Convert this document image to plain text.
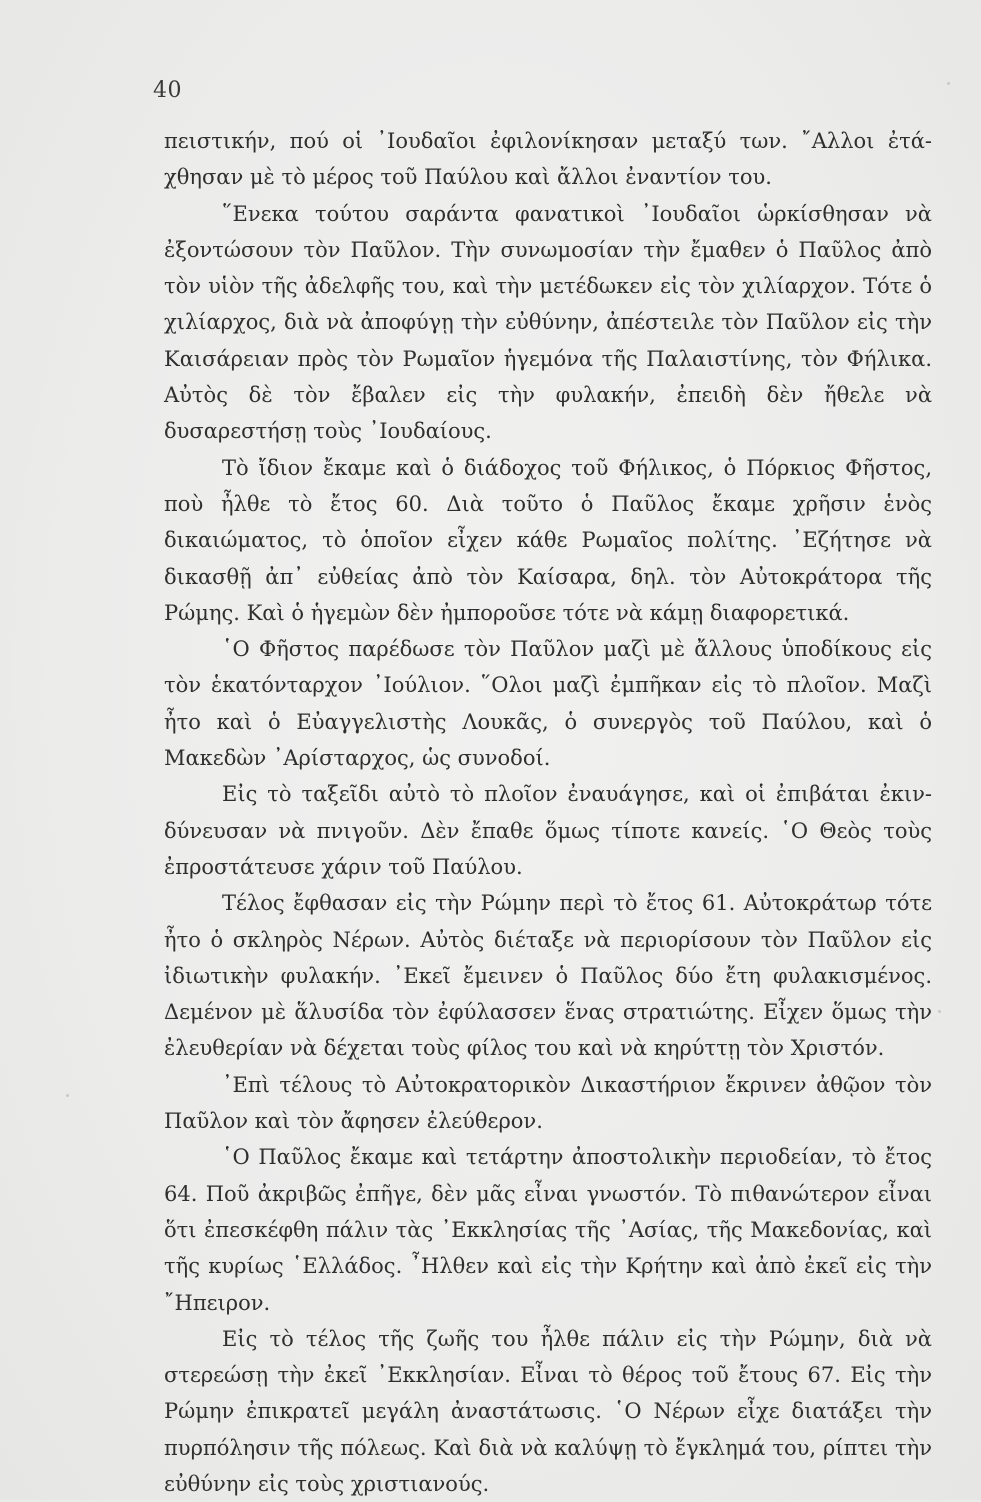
40

πειστικήν, πού οἱ ᾿Ιουδαῖοι ἐφιλονίκησαν μεταξύ των. ῎Αλλοι ἐτάχθησαν μὲ τὸ μέρος τοῦ Παύλου καὶ ἄλλοι ἐναντίον του.

῞Ενεκα τούτου σαράντα φανατικοὶ ᾿Ιουδαῖοι ὡρκίσθησαν νὰ ἐξοντώσουν τὸν Παῦλον. Τὴν συνωμοσίαν τὴν ἔμαθεν ὁ Παῦλος ἀπὸ τὸν υἱὸν τῆς ἀδελφῆς του, καὶ τὴν μετέδωκεν εἰς τὸν χιλίαρχον. Τότε ὁ χιλίαρχος, διὰ νὰ ἀποφύγῃ τὴν εὐθύνην, ἀπέστειλε τὸν Παῦλον εἰς τὴν Καισάρειαν πρὸς τὸν Ρωμαῖον ἡγεμόνα τῆς Παλαιστίνης, τὸν Φήλικα. Αὐτὸς δὲ τὸν ἔβαλεν εἰς τὴν φυλακήν, ἐπειδὴ δὲν ἤθελε νὰ δυσαρεστήσῃ τοὺς ᾿Ιουδαίους.

Τὸ ἴδιον ἔκαμε καὶ ὁ διάδοχος τοῦ Φήλικος, ὁ Πόρκιος Φῆστος, ποὺ ἦλθε τὸ ἔτος 60. Διὰ τοῦτο ὁ Παῦλος ἔκαμε χρῆσιν ἑνὸς δικαιώματος, τὸ ὁποῖον εἶχεν κάθε Ρωμαῖος πολίτης. ᾿Εζήτησε νὰ δικασθῇ ἀπ᾿ εὐθείας ἀπὸ τὸν Καίσαρα, δηλ. τὸν Αὐτοκράτορα τῆς Ρώμης. Καὶ ὁ ἡγεμὼν δὲν ἠμποροῦσε τότε νὰ κάμῃ διαφορετικά.

῾Ο Φῆστος παρέδωσε τὸν Παῦλον μαζὶ μὲ ἄλλους ὑποδίκους εἰς τὸν ἑκατόνταρχον ᾿Ιούλιον. ῞Ολοι μαζὶ ἐμπῆκαν εἰς τὸ πλοῖον. Μαζὶ ἦτο καὶ ὁ Εὐαγγελιστὴς Λουκᾶς, ὁ συνεργὸς τοῦ Παύλου, καὶ ὁ Μακεδὼν ᾿Αρίσταρχος, ὡς συνοδοί.

Εἰς τὸ ταξεῖδι αὐτὸ τὸ πλοῖον ἐναυάγησε, καὶ οἱ ἐπιβάται ἐκινδύνευσαν νὰ πνιγοῦν. Δὲν ἔπαθε ὅμως τίποτε κανείς. ῾Ο Θεὸς τοὺς ἐπροστάτευσε χάριν τοῦ Παύλου.

Τέλος ἔφθασαν εἰς τὴν Ρώμην περὶ τὸ ἔτος 61. Αὐτοκράτωρ τότε ἦτο ὁ σκληρὸς Νέρων. Αὐτὸς διέταξε νὰ περιορίσουν τὸν Παῦλον εἰς ἰδιωτικὴν φυλακήν. ᾿Εκεῖ ἔμεινεν ὁ Παῦλος δύο ἔτη φυλακισμένος. Δεμένον μὲ ἅλυσίδα τὸν ἐφύλασσεν ἕνας στρατιώτης. Εἶχεν ὅμως τὴν ἐλευθερίαν νὰ δέχεται τοὺς φίλος του καὶ νὰ κηρύττῃ τὸν Χριστόν.

᾿Επὶ τέλους τὸ Αὐτοκρατορικὸν Δικαστήριον ἔκρινεν ἀθῷον τὸν Παῦλον καὶ τὸν ἄφησεν ἐλεύθερον.

῾Ο Παῦλος ἔκαμε καὶ τετάρτην ἀποστολικὴν περιοδείαν, τὸ ἔτος 64. Ποῦ ἀκριβῶς ἐπῆγε, δὲν μᾶς εἶναι γνωστόν. Τὸ πιθανώτερον εἶναι ὅτι ἐπεσκέφθη πάλιν τὰς ᾿Εκκλησίας τῆς ᾿Ασίας, τῆς Μακεδονίας, καὶ τῆς κυρίως ῾Ελλάδος. ῏Ηλθεν καὶ εἰς τὴν Κρήτην καὶ ἀπὸ ἐκεῖ εἰς τὴν ῎Ηπειρον.

Εἰς τὸ τέλος τῆς ζωῆς του ἦλθε πάλιν εἰς τὴν Ρώμην, διὰ νὰ στερεώσῃ τὴν ἐκεῖ ᾿Εκκλησίαν. Εἶναι τὸ θέρος τοῦ ἔτους 67. Εἰς τὴν Ρώμην ἐπικρατεῖ μεγάλη ἀναστάτωσις. ῾Ο Νέρων εἶχε διατάξει τὴν πυρπόλησιν τῆς πόλεως. Καὶ διὰ νὰ καλύψῃ τὸ ἔγκλημά του, ρίπτει τὴν εὐθύνην εἰς τοὺς χριστιανούς.
